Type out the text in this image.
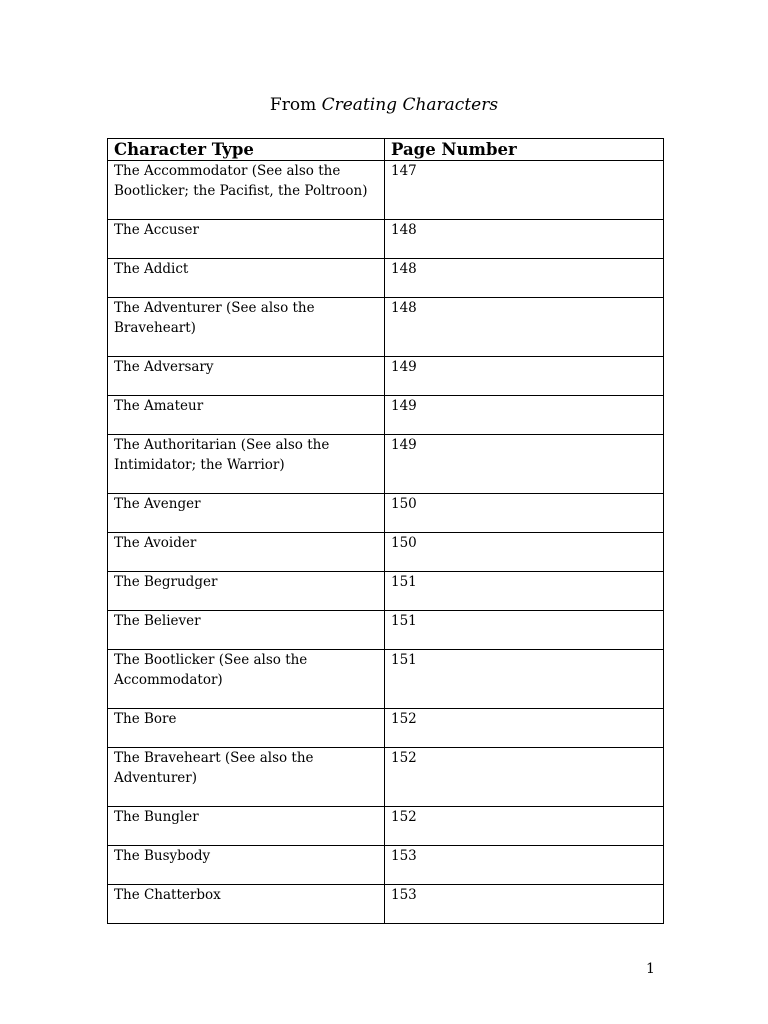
From Creating Characters
Character Type	Page Number
The Accommodator (See also the Bootlicker; the Pacifist, the Poltroon)	147
The Accuser	148
The Addict	148
The Adventurer (See also the Braveheart)	148
The Adversary	149
The Amateur	149
The Authoritarian (See also the Intimidator; the Warrior)	149
The Avenger	150
The Avoider	150
The Begrudger	151
The Believer	151
The Bootlicker (See also the Accommodator)	151
The Bore	152
The Braveheart (See also the Adventurer)	152
The Bungler	152
The Busybody	153
The Chatterbox	153
1
